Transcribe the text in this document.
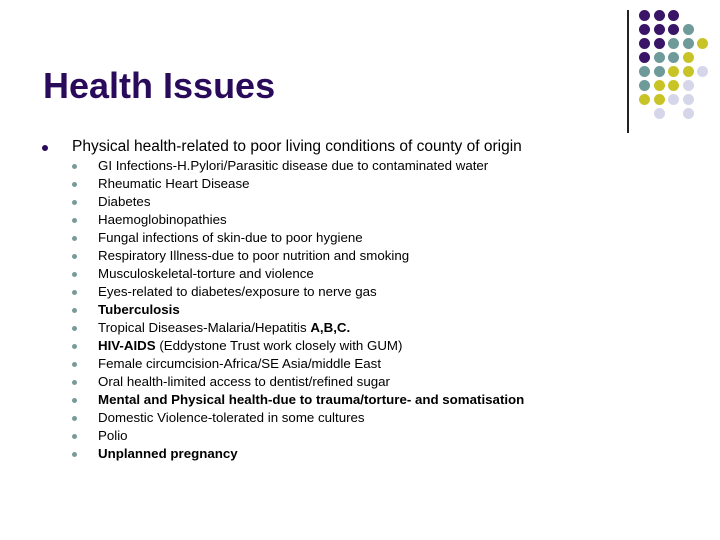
Health Issues
Physical health-related to poor living conditions of county of origin
GI Infections-H.Pylori/Parasitic disease due to contaminated water
Rheumatic Heart Disease
Diabetes
Haemoglobinopathies
Fungal infections of skin-due to poor hygiene
Respiratory Illness-due to poor nutrition and smoking
Musculoskeletal-torture and violence
Eyes-related to diabetes/exposure to nerve gas
Tuberculosis
Tropical Diseases-Malaria/Hepatitis A,B,C.
HIV-AIDS (Eddystone Trust work closely with GUM)
Female circumcision-Africa/SE Asia/middle East
Oral health-limited access to dentist/refined sugar
Mental and Physical health-due to trauma/torture- and somatisation
Domestic Violence-tolerated in some cultures
Polio
Unplanned pregnancy
